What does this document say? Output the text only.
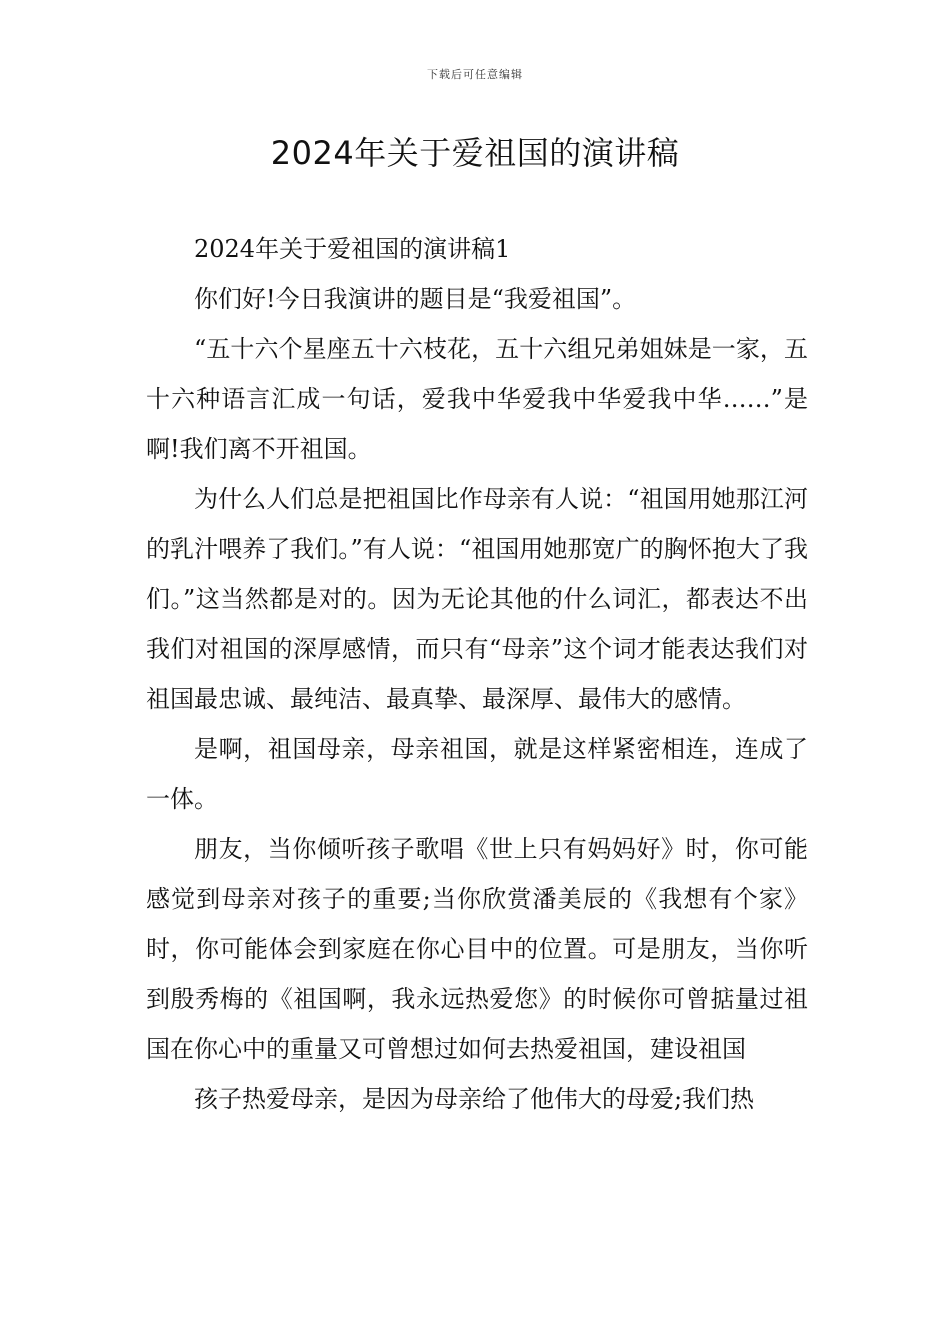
下载后可任意编辑
2024年关于爱祖国的演讲稿

2024年关于爱祖国的演讲稿1

你们好!今日我演讲的题目是“我爱祖国”。

“五十六个星座五十六枝花，五十六组兄弟姐妹是一家，五十六种语言汇成一句话，爱我中华爱我中华爱我中华……”是啊!我们离不开祖国。

为什么人们总是把祖国比作母亲有人说：“祖国用她那江河的乳汁喂养了我们。”有人说：“祖国用她那宽广的胸怀抱大了我们。”这当然都是对的。因为无论其他的什么词汇，都表达不出我们对祖国的深厚感情，而只有“母亲”这个词才能表达我们对祖国最忠诚、最纯洁、最真挚、最深厚、最伟大的感情。

是啊，祖国母亲，母亲祖国，就是这样紧密相连，连成了一体。

朋友，当你倾听孩子歌唱《世上只有妈妈好》时，你可能感觉到母亲对孩子的重要;当你欣赏潘美辰的《我想有个家》时，你可能体会到家庭在你心目中的位置。可是朋友，当你听到殷秀梅的《祖国啊，我永远热爱您》的时候你可曾掂量过祖国在你心中的重量又可曾想过如何去热爱祖国，建设祖国

孩子热爱母亲，是因为母亲给了他伟大的母爱;我们热
